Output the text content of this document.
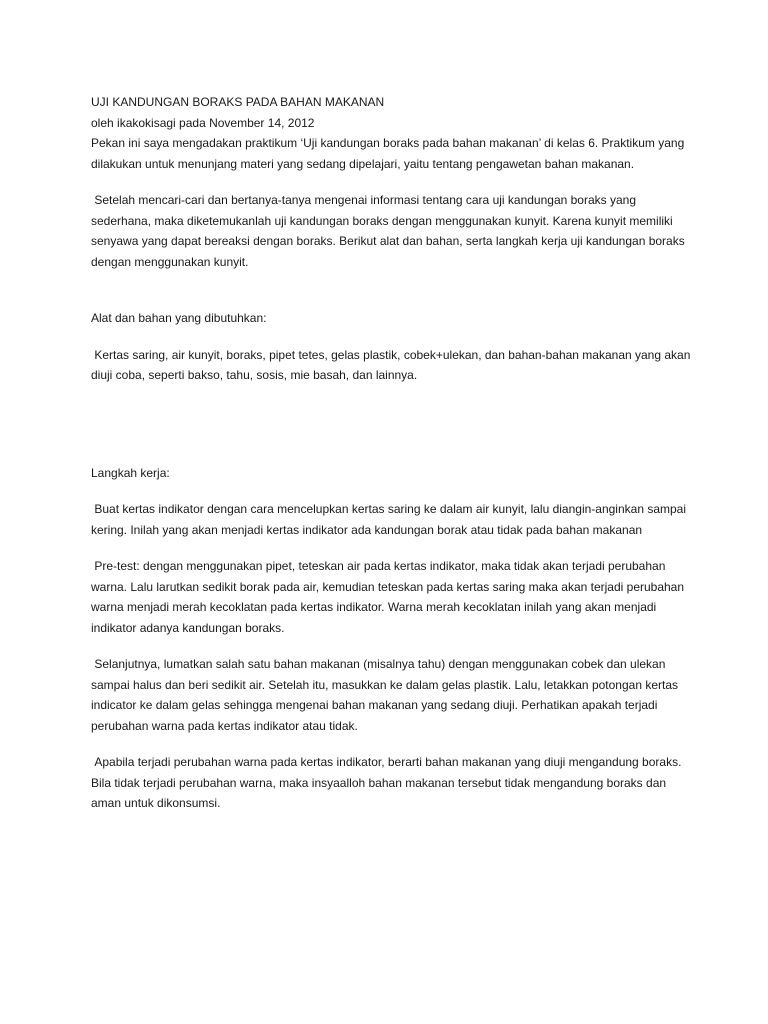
UJI KANDUNGAN BORAKS PADA BAHAN MAKANAN

oleh ikakokisagi pada November 14, 2012

Pekan ini saya mengadakan praktikum ‘Uji kandungan boraks pada bahan makanan’ di kelas 6. Praktikum yang dilakukan untuk menunjang materi yang sedang dipelajari, yaitu tentang pengawetan bahan makanan.

Setelah mencari-cari dan bertanya-tanya mengenai informasi tentang cara uji kandungan boraks yang sederhana, maka diketemukanlah uji kandungan boraks dengan menggunakan kunyit. Karena kunyit memiliki senyawa yang dapat bereaksi dengan boraks. Berikut alat dan bahan, serta langkah kerja uji kandungan boraks dengan menggunakan kunyit.

Alat dan bahan yang dibutuhkan:

Kertas saring, air kunyit, boraks, pipet tetes, gelas plastik, cobek+ulekan, dan bahan-bahan makanan yang akan diuji coba, seperti bakso, tahu, sosis, mie basah, dan lainnya.

Langkah kerja:

Buat kertas indikator dengan cara mencelupkan kertas saring ke dalam air kunyit, lalu diangin-anginkan sampai kering. Inilah yang akan menjadi kertas indikator ada kandungan borak atau tidak pada bahan makanan

Pre-test: dengan menggunakan pipet, teteskan air pada kertas indikator, maka tidak akan terjadi perubahan warna. Lalu larutkan sedikit borak pada air, kemudian teteskan pada kertas saring maka akan terjadi perubahan warna menjadi merah kecoklatan pada kertas indikator. Warna merah kecoklatan inilah yang akan menjadi indikator adanya kandungan boraks.

Selanjutnya, lumatkan salah satu bahan makanan (misalnya tahu) dengan menggunakan cobek dan ulekan sampai halus dan beri sedikit air. Setelah itu, masukkan ke dalam gelas plastik. Lalu, letakkan potongan kertas indicator ke dalam gelas sehingga mengenai bahan makanan yang sedang diuji. Perhatikan apakah terjadi perubahan warna pada kertas indikator atau tidak.

Apabila terjadi perubahan warna pada kertas indikator, berarti bahan makanan yang diuji mengandung boraks. Bila tidak terjadi perubahan warna, maka insyaalloh bahan makanan tersebut tidak mengandung boraks dan aman untuk dikonsumsi.
